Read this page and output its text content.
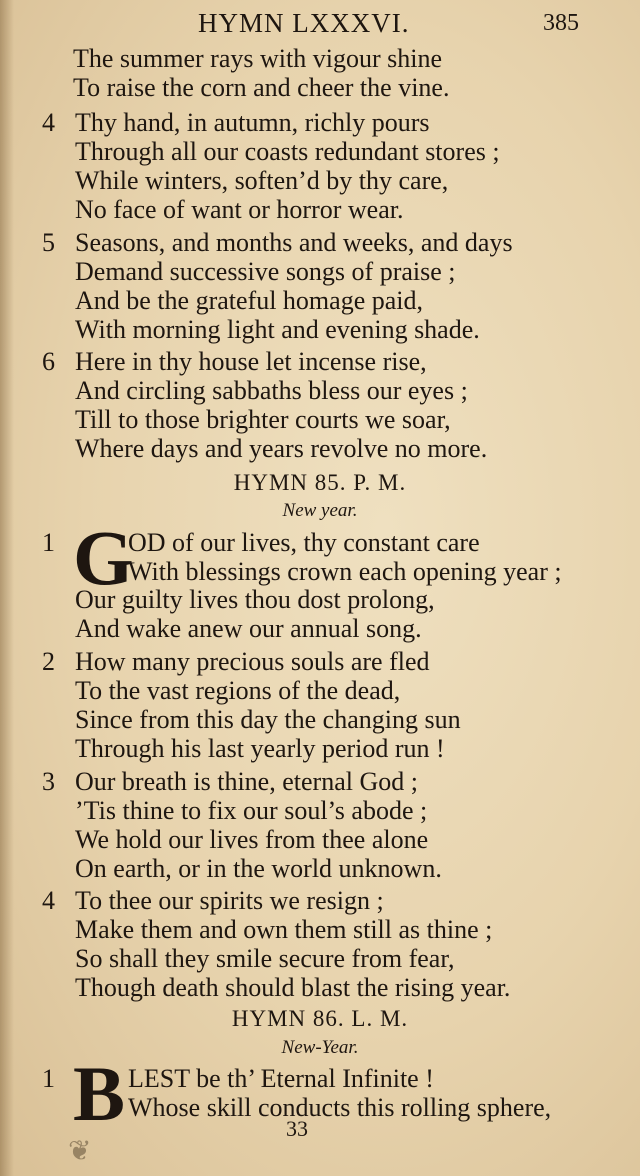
HYMN LXXXVI.	385
The summer rays with vigour shine
To raise the corn and cheer the vine.
4 Thy hand, in autumn, richly pours
Through all our coasts redundant stores ;
While winters, soften’d by thy care,
No face of want or horror wear.
5 Seasons, and months and weeks, and days
Demand successive songs of praise ;
And be the grateful homage paid,
With morning light and evening shade.
6 Here in thy house let incense rise,
And circling sabbaths bless our eyes ;
Till to those brighter courts we soar,
Where days and years revolve no more.
HYMN 85. P. M.
New year.
1 G
OD of our lives, thy constant care
With blessings crown each opening year ;
Our guilty lives thou dost prolong,
And wake anew our annual song.
2 How many precious souls are fled
To the vast regions of the dead,
Since from this day the changing sun
Through his last yearly period run !
3 Our breath is thine, eternal God ;
’Tis thine to fix our soul’s abode ;
We hold our lives from thee alone
On earth, or in the world unknown.
4 To thee our spirits we resign ;
Make them and own them still as thine ;
So shall they smile secure from fear,
Though death should blast the rising year.
HYMN 86. L. M.
New-Year.
1 B LEST be th’ Eternal Infinite !
Whose skill conducts this rolling sphere,
33
❦
